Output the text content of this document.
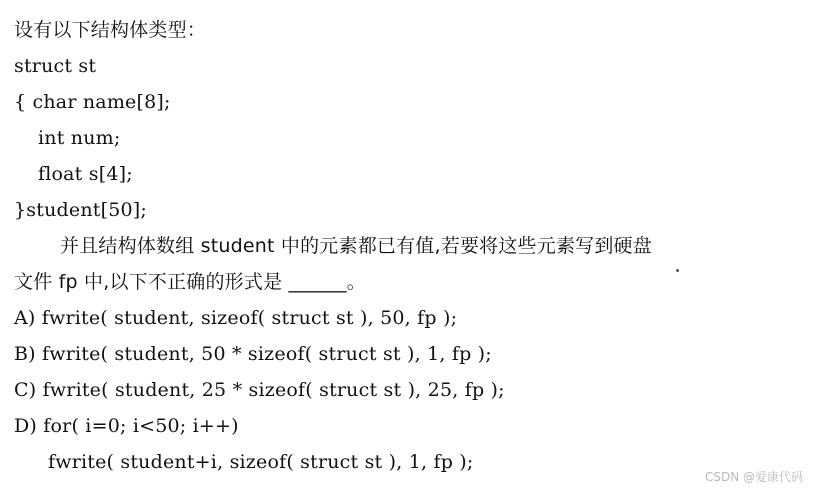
设有以下结构体类型：
struct st
{ char name[8];
int num;
float s[4];
}student[50];
并且结构体数组 student 中的元素都已有值,若要将这些元素写到硬盘
文件 fp 中,以下不正确的形式是 ______。
A) fwrite( student, sizeof( struct st ), 50, fp );
B) fwrite( student, 50 * sizeof( struct st ), 1, fp );
C) fwrite( student, 25 * sizeof( struct st ), 25, fp );
D) for( i=0; i<50; i++)
fwrite( student+i, sizeof( struct st ), 1, fp );
CSDN @爱康代码
